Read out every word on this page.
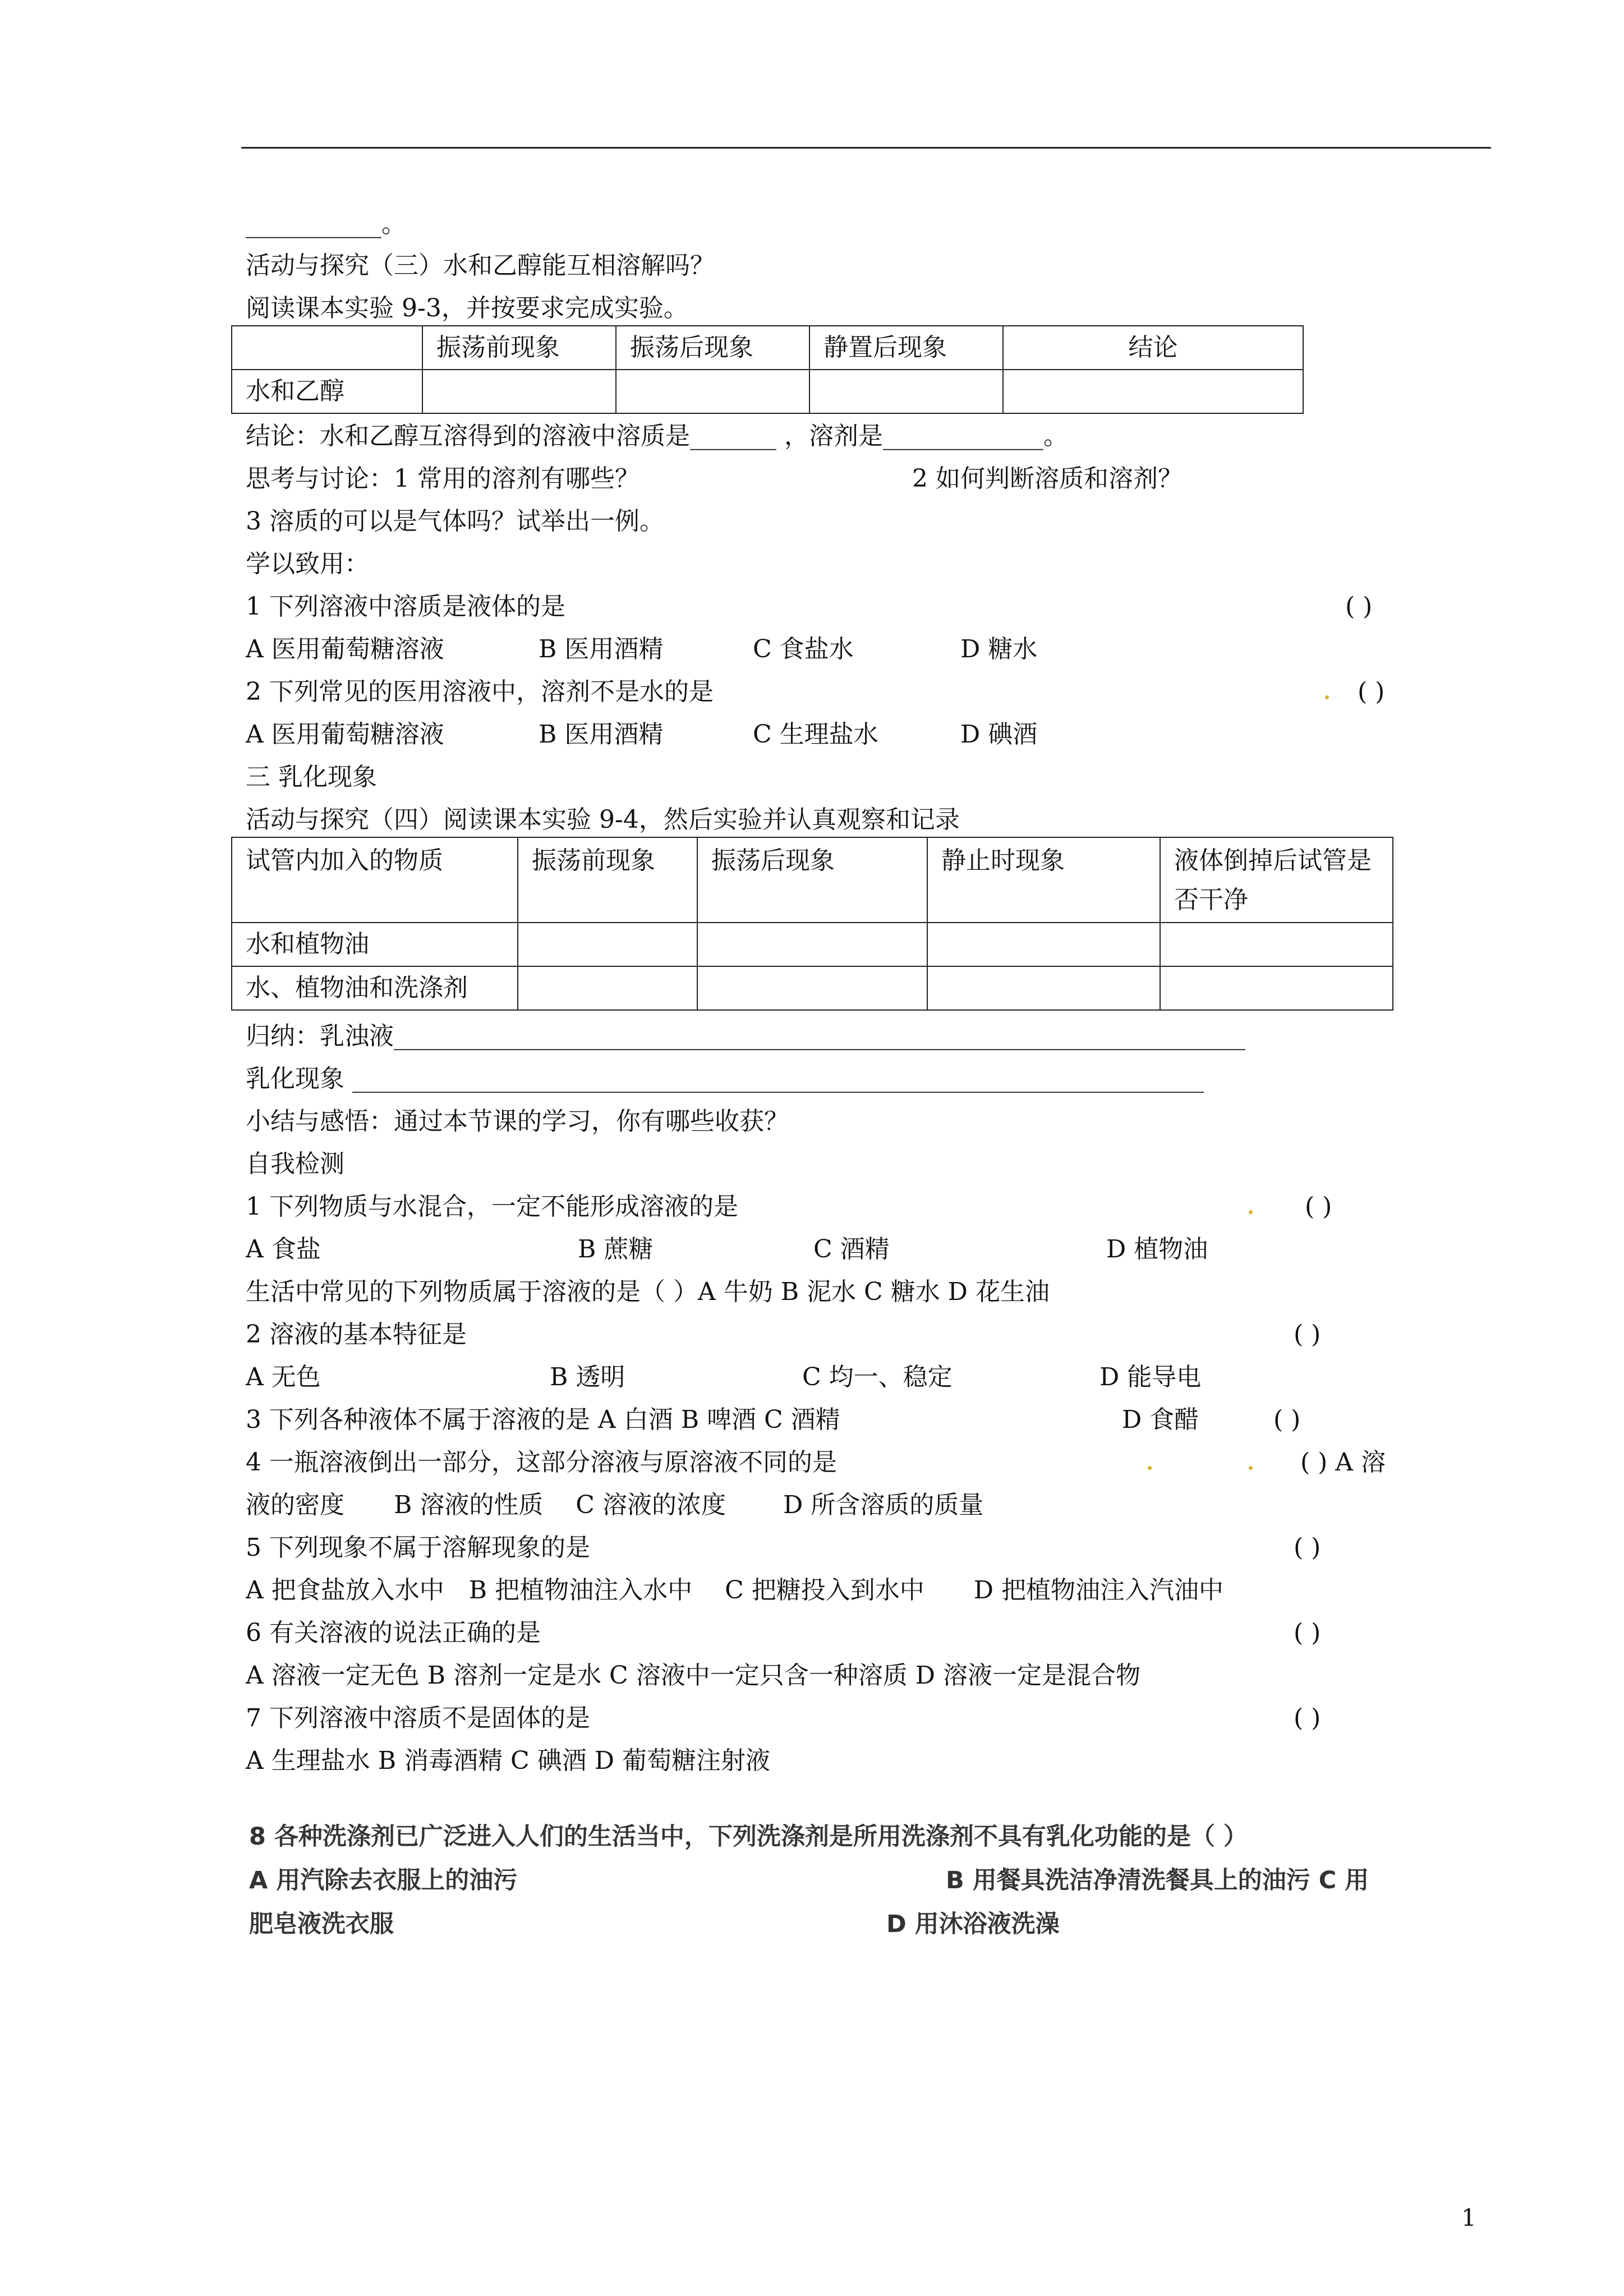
___________。
活动与探究（三）水和乙醇能互相溶解吗？
阅读课本实验 9-3，并按要求完成实验。
	振荡前现象	振荡后现象	静置后现象	结论
水和乙醇				
结论：水和乙醇互溶得到的溶液中溶质是_______ ，溶剂是_____________。
思考与讨论：1 常用的溶剂有哪些？	2 如何判断溶质和溶剂？
3 溶质的可以是气体吗？试举出一例。
学以致用：
1 下列溶液中溶质是液体的是	( )
A 医用葡萄糖溶液	B 医用酒精	C 食盐水	D 糖水
2 下列常见的医用溶液中，溶剂不是水的是	( )
A 医用葡萄糖溶液	B 医用酒精	C 生理盐水	D 碘酒
三 乳化现象
活动与探究（四）阅读课本实验 9-4，然后实验并认真观察和记录
试管内加入的物质	振荡前现象	振荡后现象	静止时现象	液体倒掉后试管是否干净
水和植物油				
水、植物油和洗涤剂				
归纳：乳浊液_____________________________________________________________________
乳化现象 _____________________________________________________________________
小结与感悟：通过本节课的学习，你有哪些收获？
自我检测
1 下列物质与水混合，一定不能形成溶液的是	( )
A 食盐	B 蔗糖	C 酒精	D 植物油
生活中常见的下列物质属于溶液的是（ ）A 牛奶 B 泥水 C 糖水 D 花生油
2 溶液的基本特征是	( )
A 无色	B 透明	C 均一、稳定	D 能导电
3 下列各种液体不属于溶液的是 A 白酒 B 啤酒 C 酒精	D 食醋	( )
4 一瓶溶液倒出一部分，这部分溶液与原溶液不同的是	( ) A 溶
液的密度　　B 溶液的性质　 C 溶液的浓度　　 D 所含溶质的质量
5 下列现象不属于溶解现象的是	( )
A 把食盐放入水中　B 把植物油注入水中　 C 把糖投入到水中　　D 把植物油注入汽油中
6 有关溶液的说法正确的是	( )
A 溶液一定无色 B 溶剂一定是水 C 溶液中一定只含一种溶质 D 溶液一定是混合物
7 下列溶液中溶质不是固体的是	( )
A 生理盐水 B 消毒酒精 C 碘酒 D 葡萄糖注射液
8 各种洗涤剂已广泛进入人们的生活当中，下列洗涤剂是所用洗涤剂不具有乳化功能的是（ ）
A 用汽除去衣服上的油污	B 用餐具洗洁净清洗餐具上的油污 C 用
肥皂液洗衣服	D 用沐浴液洗澡
1
